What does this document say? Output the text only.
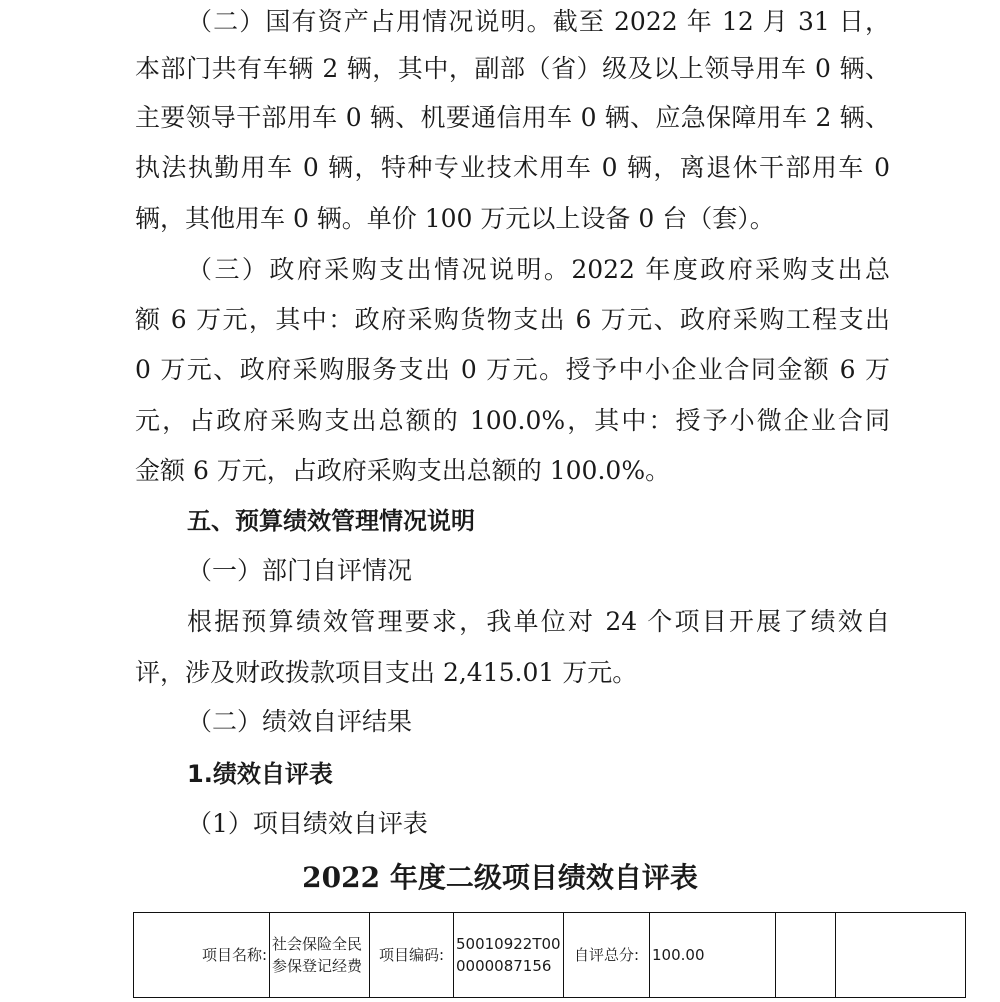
（二）国有资产占用情况说明。截至 2022 年 12 月 31 日，
本部门共有车辆 2 辆，其中，副部（省）级及以上领导用车 0 辆、
主要领导干部用车 0 辆、机要通信用车 0 辆、应急保障用车 2 辆、
执法执勤用车 0 辆，特种专业技术用车 0 辆，离退休干部用车 0
辆，其他用车 0 辆。单价 100 万元以上设备 0 台（套）。
（三）政府采购支出情况说明。2022 年度政府采购支出总
额 6 万元，其中：政府采购货物支出 6 万元、政府采购工程支出
0 万元、政府采购服务支出 0 万元。授予中小企业合同金额 6 万
元，占政府采购支出总额的 100.0%，其中：授予小微企业合同
金额 6 万元，占政府采购支出总额的 100.0%。
五、预算绩效管理情况说明
（一）部门自评情况
根据预算绩效管理要求，我单位对 24 个项目开展了绩效自
评，涉及财政拨款项目支出 2,415.01 万元。
（二）绩效自评结果
1.绩效自评表
（1）项目绩效自评表
2022 年度二级项目绩效自评表
项目名称:	社会保险全民参保登记经费	项目编码:	50010922T000000087156	自评总分:	100.00		
